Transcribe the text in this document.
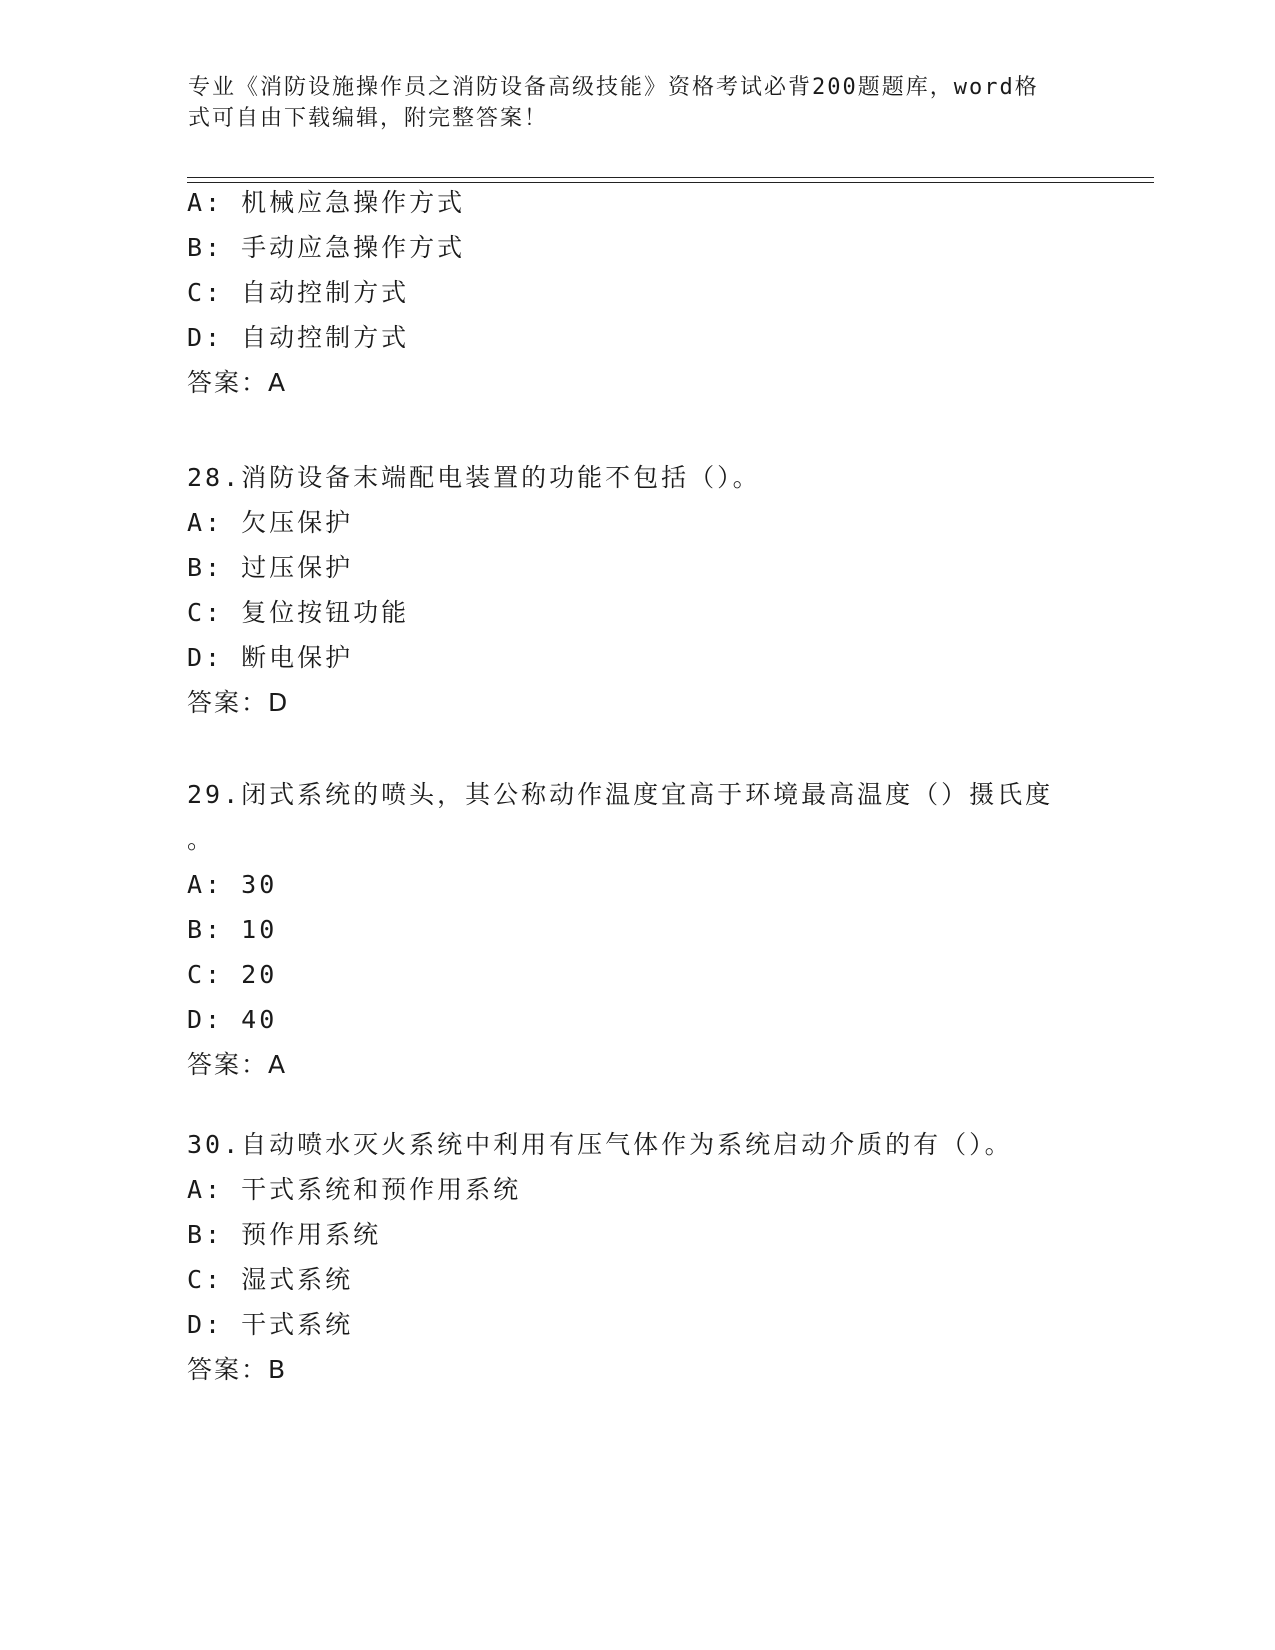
专业《消防设施操作员之消防设备高级技能》资格考试必背200题题库，word格
式可自由下载编辑，附完整答案！
A: 机械应急操作方式
B: 手动应急操作方式
C: 自动控制方式
D: 自动控制方式
答案：A
28.消防设备末端配电装置的功能不包括（）。
A: 欠压保护
B: 过压保护
C: 复位按钮功能
D: 断电保护
答案：D
29.闭式系统的喷头，其公称动作温度宜高于环境最高温度（）摄氏度
。
A: 30
B: 10
C: 20
D: 40
答案：A
30.自动喷水灭火系统中利用有压气体作为系统启动介质的有（）。
A: 干式系统和预作用系统
B: 预作用系统
C: 湿式系统
D: 干式系统
答案：B
